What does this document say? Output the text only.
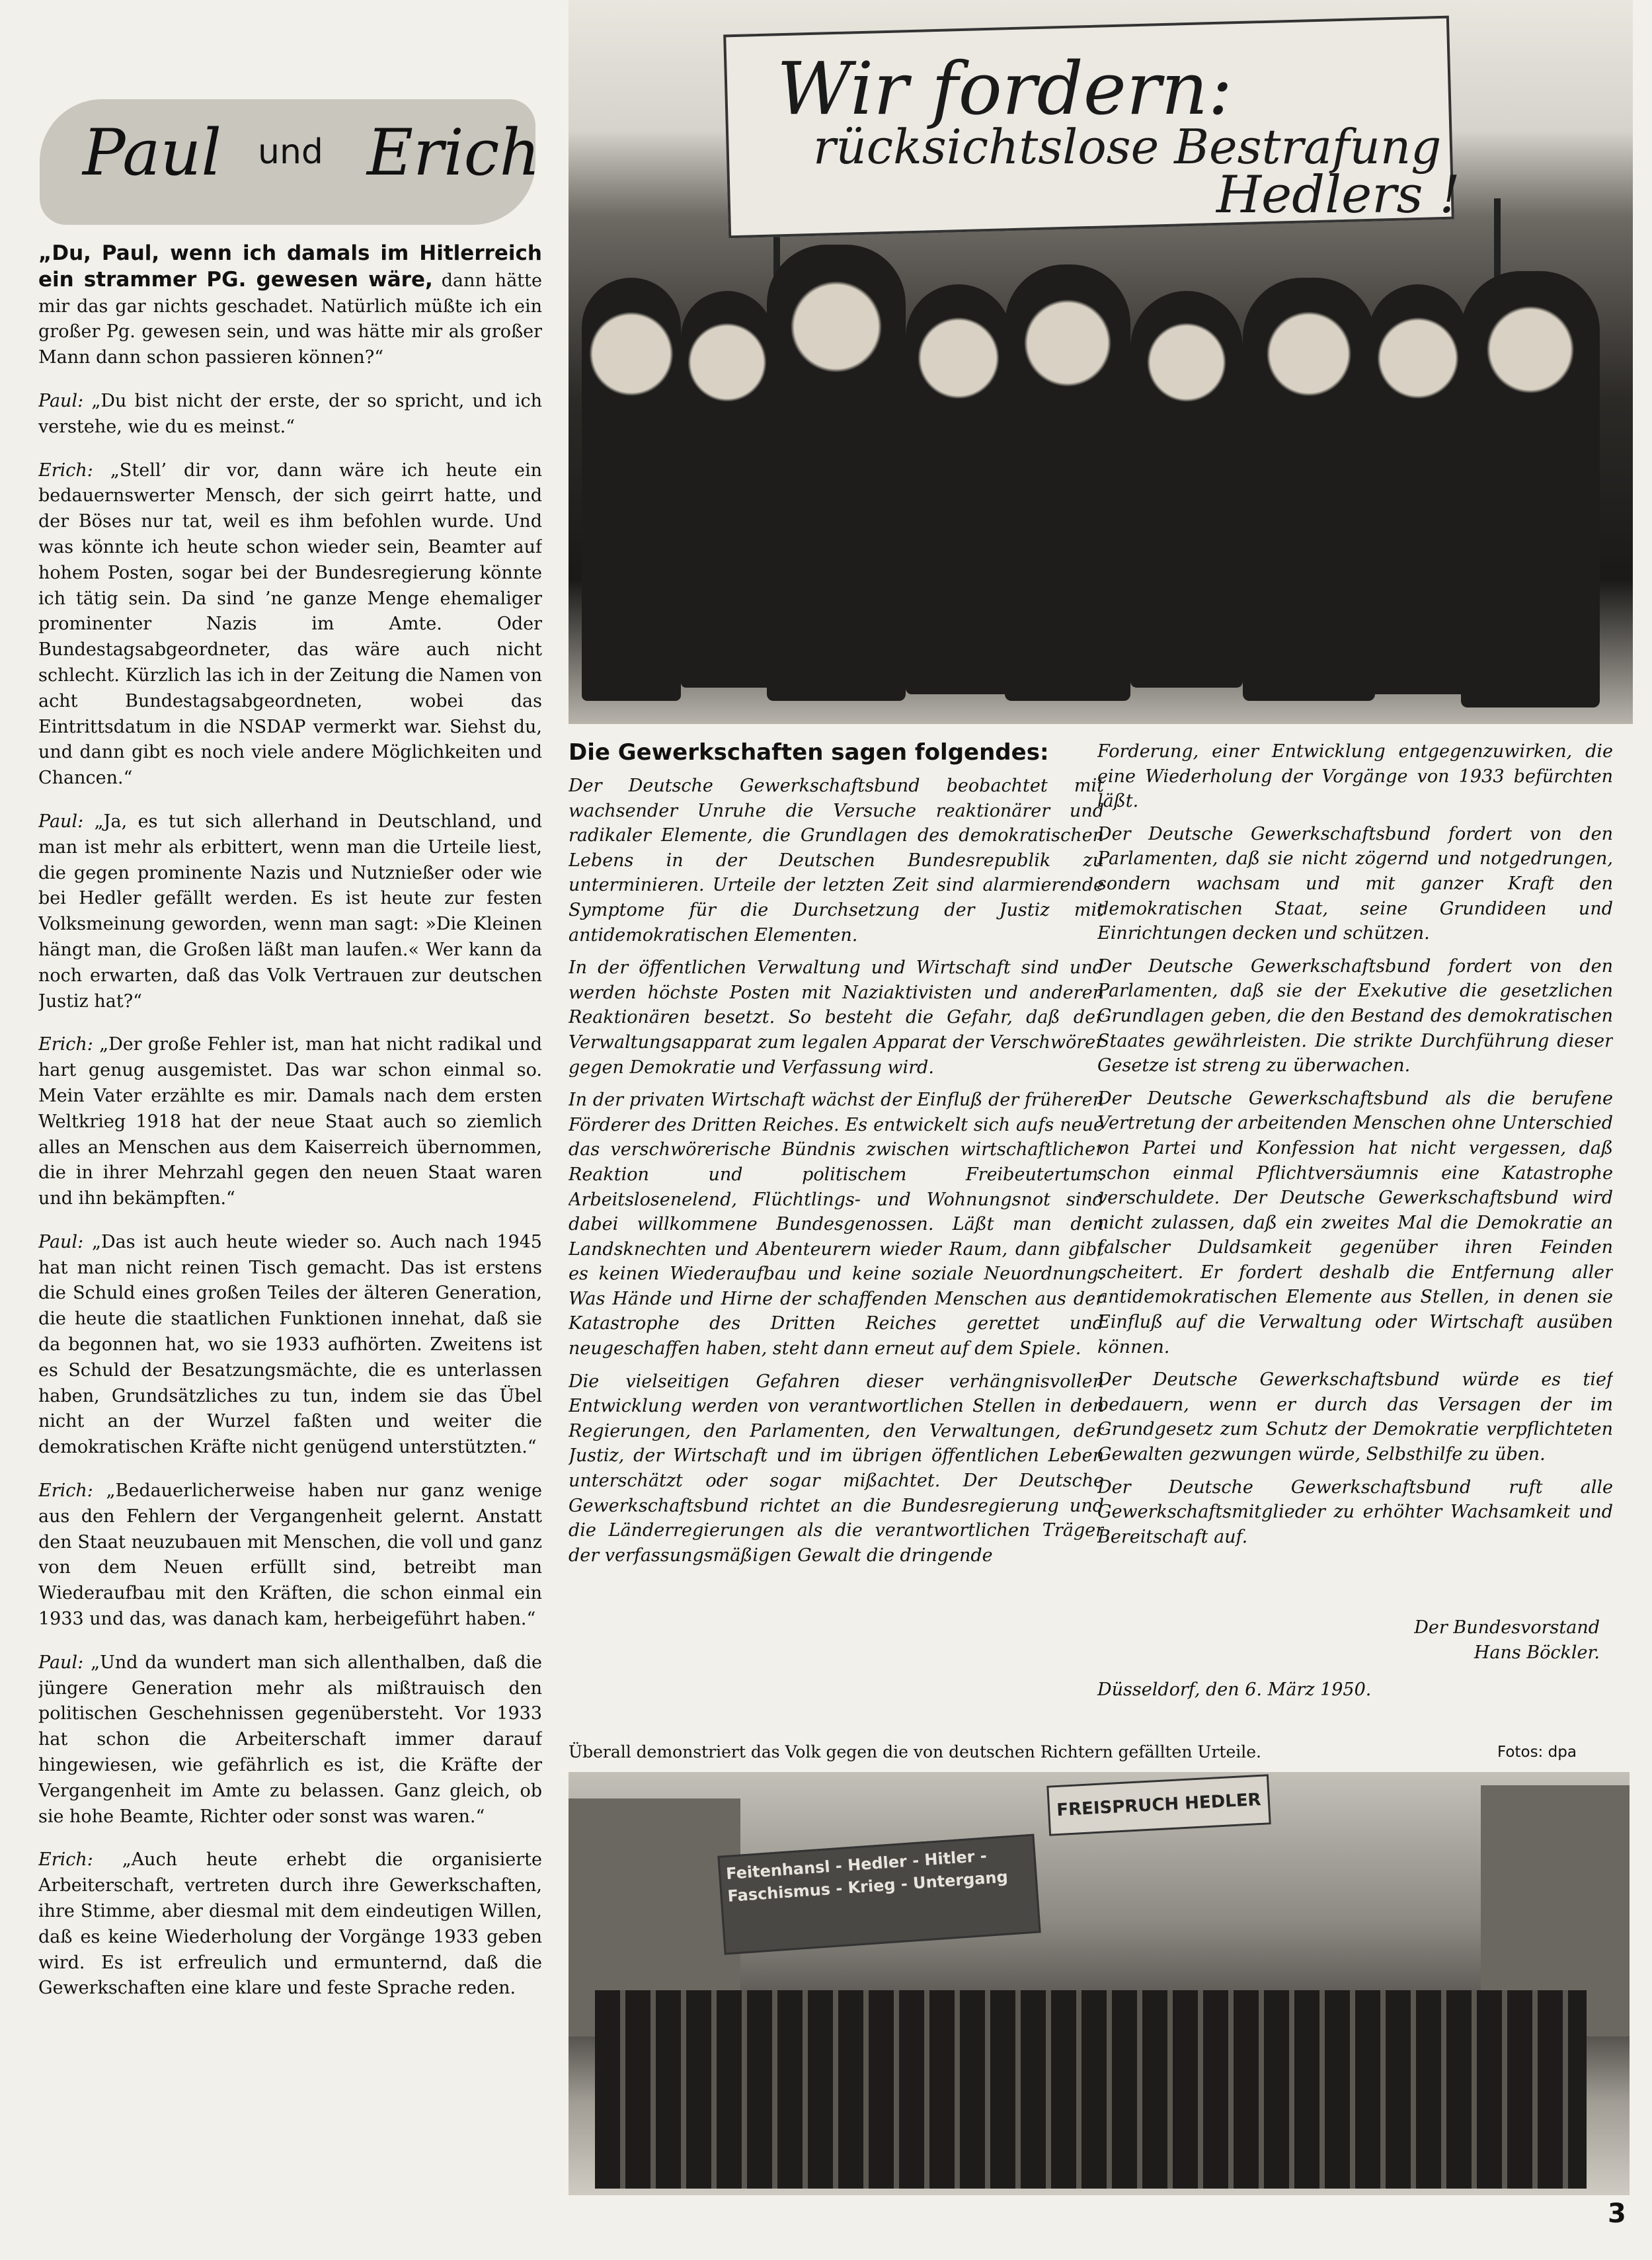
Paul und Erich

„Du, Paul, wenn ich damals im Hitlerreich ein strammer PG. gewesen wäre, dann hätte mir das gar nichts geschadet. Natürlich müßte ich ein großer Pg. gewesen sein, und was hätte mir als großer Mann dann schon passieren können?“

Paul: „Du bist nicht der erste, der so spricht, und ich verstehe, wie du es meinst.“

Erich: „Stell’ dir vor, dann wäre ich heute ein bedauernswerter Mensch, der sich geirrt hatte, und der Böses nur tat, weil es ihm befohlen wurde. Und was könnte ich heute schon wieder sein, Beamter auf hohem Posten, sogar bei der Bundesregierung könnte ich tätig sein. Da sind ’ne ganze Menge ehemaliger prominenter Nazis im Amte. Oder Bundestagsabgeordneter, das wäre auch nicht schlecht. Kürzlich las ich in der Zeitung die Namen von acht Bundestagsabgeordneten, wobei das Eintrittsdatum in die NSDAP vermerkt war. Siehst du, und dann gibt es noch viele andere Möglichkeiten und Chancen.“

Paul: „Ja, es tut sich allerhand in Deutschland, und man ist mehr als erbittert, wenn man die Urteile liest, die gegen prominente Nazis und Nutznießer oder wie bei Hedler gefällt werden. Es ist heute zur festen Volksmeinung geworden, wenn man sagt: »Die Kleinen hängt man, die Großen läßt man laufen.« Wer kann da noch erwarten, daß das Volk Vertrauen zur deutschen Justiz hat?“

Erich: „Der große Fehler ist, man hat nicht radikal und hart genug ausgemistet. Das war schon einmal so. Mein Vater erzählte es mir. Damals nach dem ersten Weltkrieg 1918 hat der neue Staat auch so ziemlich alles an Menschen aus dem Kaiserreich übernommen, die in ihrer Mehrzahl gegen den neuen Staat waren und ihn bekämpften.“

Paul: „Das ist auch heute wieder so. Auch nach 1945 hat man nicht reinen Tisch gemacht. Das ist erstens die Schuld eines großen Teiles der älteren Generation, die heute die staatlichen Funktionen innehat, daß sie da begonnen hat, wo sie 1933 aufhörten. Zweitens ist es Schuld der Besatzungsmächte, die es unterlassen haben, Grundsätzliches zu tun, indem sie das Übel nicht an der Wurzel faßten und weiter die demokratischen Kräfte nicht genügend unterstützten.“

Erich: „Bedauerlicherweise haben nur ganz wenige aus den Fehlern der Vergangenheit gelernt. Anstatt den Staat neuzubauen mit Menschen, die voll und ganz von dem Neuen erfüllt sind, betreibt man Wiederaufbau mit den Kräften, die schon einmal ein 1933 und das, was danach kam, herbeigeführt haben.“

Paul: „Und da wundert man sich allenthalben, daß die jüngere Generation mehr als mißtrauisch den politischen Geschehnissen gegenübersteht. Vor 1933 hat schon die Arbeiterschaft immer darauf hingewiesen, wie gefährlich es ist, die Kräfte der Vergangenheit im Amte zu belassen. Ganz gleich, ob sie hohe Beamte, Richter oder sonst was waren.“

Erich: „Auch heute erhebt die organisierte Arbeiterschaft, vertreten durch ihre Gewerkschaften, ihre Stimme, aber diesmal mit dem eindeutigen Willen, daß es keine Wiederholung der Vorgänge 1933 geben wird. Es ist erfreulich und ermunternd, daß die Gewerkschaften eine klare und feste Sprache reden.

Wir fordern:
rücksichtslose Bestrafung
Hedlers !
Die Gewerkschaften sagen folgendes:

Der Deutsche Gewerkschaftsbund beobachtet mit wachsender Unruhe die Versuche reaktionärer und radikaler Elemente, die Grundlagen des demokratischen Lebens in der Deutschen Bundesrepublik zu unterminieren. Urteile der letzten Zeit sind alarmierende Symptome für die Durchsetzung der Justiz mit antidemokratischen Elementen.

In der öffentlichen Verwaltung und Wirtschaft sind und werden höchste Posten mit Naziaktivisten und anderen Reaktionären besetzt. So besteht die Gefahr, daß der Verwaltungsapparat zum legalen Apparat der Verschwörer gegen Demokratie und Verfassung wird.

In der privaten Wirtschaft wächst der Einfluß der früheren Förderer des Dritten Reiches. Es entwickelt sich aufs neue das verschwörerische Bündnis zwischen wirtschaftlicher Reaktion und politischem Freibeutertum. Arbeitslosenelend, Flüchtlings- und Wohnungsnot sind dabei willkommene Bundesgenossen. Läßt man den Landsknechten und Abenteurern wieder Raum, dann gibt es keinen Wiederaufbau und keine soziale Neuordnung. Was Hände und Hirne der schaffenden Menschen aus der Katastrophe des Dritten Reiches gerettet und neugeschaffen haben, steht dann erneut auf dem Spiele.

Die vielseitigen Gefahren dieser verhängnisvollen Entwicklung werden von verantwortlichen Stellen in den Regierungen, den Parlamenten, den Verwaltungen, der Justiz, der Wirtschaft und im übrigen öffentlichen Leben unterschätzt oder sogar mißachtet. Der Deutsche Gewerkschaftsbund richtet an die Bundesregierung und die Länderregierungen als die verantwortlichen Träger der verfassungsmäßigen Gewalt die dringende

Forderung, einer Entwicklung entgegenzuwirken, die eine Wiederholung der Vorgänge von 1933 befürchten läßt.

Der Deutsche Gewerkschaftsbund fordert von den Parlamenten, daß sie nicht zögernd und notgedrungen, sondern wachsam und mit ganzer Kraft den demokratischen Staat, seine Grundideen und Einrichtungen decken und schützen.

Der Deutsche Gewerkschaftsbund fordert von den Parlamenten, daß sie der Exekutive die gesetzlichen Grundlagen geben, die den Bestand des demokratischen Staates gewährleisten. Die strikte Durchführung dieser Gesetze ist streng zu überwachen.

Der Deutsche Gewerkschaftsbund als die berufene Vertretung der arbeitenden Menschen ohne Unterschied von Partei und Konfession hat nicht vergessen, daß schon einmal Pflichtversäumnis eine Katastrophe verschuldete. Der Deutsche Gewerkschaftsbund wird nicht zulassen, daß ein zweites Mal die Demokratie an falscher Duldsamkeit gegenüber ihren Feinden scheitert. Er fordert deshalb die Entfernung aller antidemokratischen Elemente aus Stellen, in denen sie Einfluß auf die Verwaltung oder Wirtschaft ausüben können.

Der Deutsche Gewerkschaftsbund würde es tief bedauern, wenn er durch das Versagen der im Grundgesetz zum Schutz der Demokratie verpflichteten Gewalten gezwungen würde, Selbsthilfe zu üben.

Der Deutsche Gewerkschaftsbund ruft alle Gewerkschaftsmitglieder zu erhöhter Wachsamkeit und Bereitschaft auf.

Der Bundesvorstand
Hans Böckler.
Düsseldorf, den 6. März 1950.
Überall demonstriert das Volk gegen die von deutschen Richtern gefällten Urteile.	Fotos: dpa
FREISPRUCH HEDLER
Feitenhansl - Hedler - Hitler - Faschismus - Krieg - Untergang
3
